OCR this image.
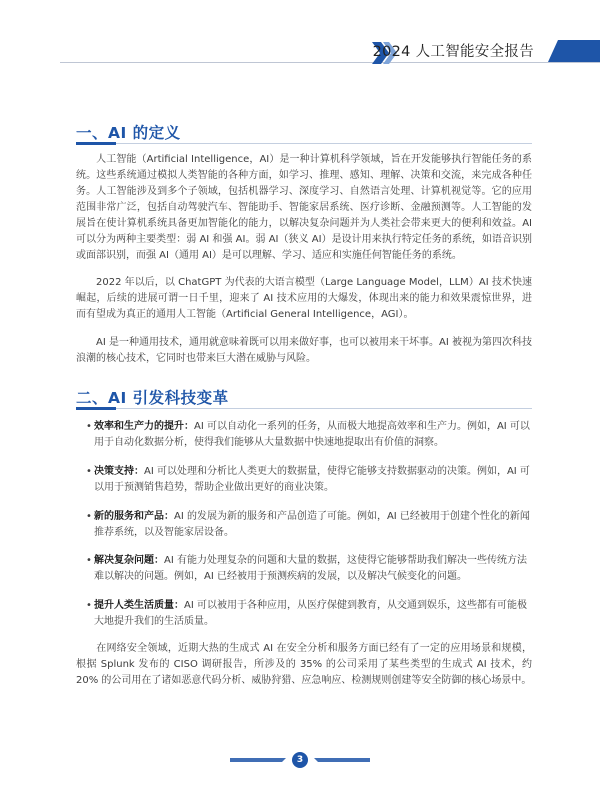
2024 人工智能安全报告
一、AI 的定义

人工智能（Artificial Intelligence，AI）是一种计算机科学领域，旨在开发能够执行智能任务的系统。这些系统通过模拟人类智能的各种方面，如学习、推理、感知、理解、决策和交流，来完成各种任务。人工智能涉及到多个子领域，包括机器学习、深度学习、自然语言处理、计算机视觉等。它的应用范围非常广泛，包括自动驾驶汽车、智能助手、智能家居系统、医疗诊断、金融预测等。人工智能的发展旨在使计算机系统具备更加智能化的能力，以解决复杂问题并为人类社会带来更大的便利和效益。AI 可以分为两种主要类型：弱 AI 和强 AI。弱 AI（狭义 AI）是设计用来执行特定任务的系统，如语音识别或面部识别，而强 AI（通用 AI）是可以理解、学习、适应和实施任何智能任务的系统。

2022 年以后，以 ChatGPT 为代表的大语言模型（Large Language Model，LLM）AI 技术快速崛起，后续的进展可谓一日千里，迎来了 AI 技术应用的大爆发，体现出来的能力和效果震惊世界，进而有望成为真正的通用人工智能（Artificial General Intelligence，AGI）。

AI 是一种通用技术，通用就意味着既可以用来做好事，也可以被用来干坏事。AI 被视为第四次科技浪潮的核心技术，它同时也带来巨大潜在威胁与风险。

二、AI 引发科技变革

• 效率和生产力的提升：AI 可以自动化一系列的任务，从而极大地提高效率和生产力。例如，AI 可以用于自动化数据分析，使得我们能够从大量数据中快速地提取出有价值的洞察。

• 决策支持：AI 可以处理和分析比人类更大的数据量，使得它能够支持数据驱动的决策。例如，AI 可以用于预测销售趋势，帮助企业做出更好的商业决策。

• 新的服务和产品：AI 的发展为新的服务和产品创造了可能。例如，AI 已经被用于创建个性化的新闻推荐系统，以及智能家居设备。

• 解决复杂问题：AI 有能力处理复杂的问题和大量的数据，这使得它能够帮助我们解决一些传统方法难以解决的问题。例如，AI 已经被用于预测疾病的发展，以及解决气候变化的问题。

• 提升人类生活质量：AI 可以被用于各种应用，从医疗保健到教育，从交通到娱乐，这些都有可能极大地提升我们的生活质量。

在网络安全领域，近期大热的生成式 AI 在安全分析和服务方面已经有了一定的应用场景和规模，根据 Splunk 发布的 CISO 调研报告，所涉及的 35% 的公司采用了某些类型的生成式 AI 技术，约 20% 的公司用在了诸如恶意代码分析、威胁狩猎、应急响应、检测规则创建等安全防御的核心场景中。

3
